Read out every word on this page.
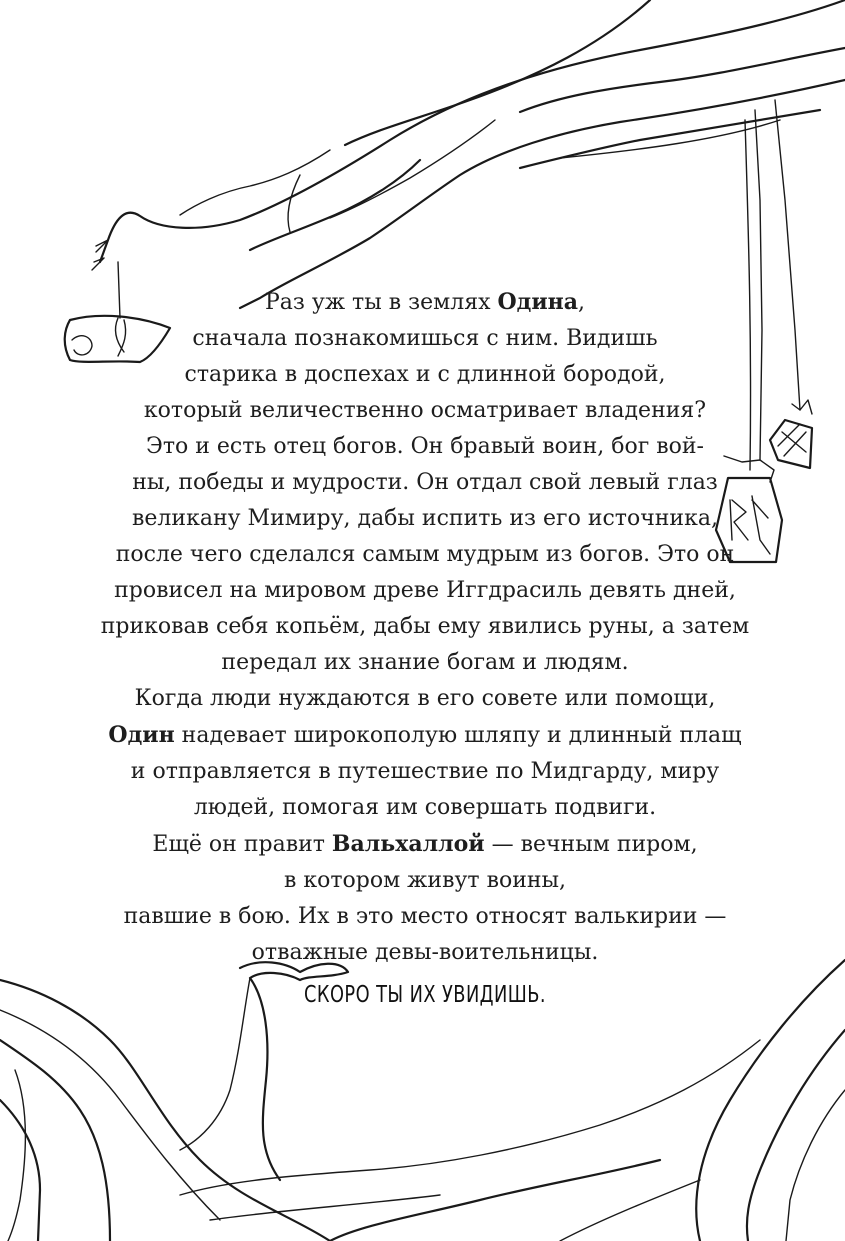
Раз уж ты в землях Одина,
сначала познакомишься с ним. Видишь
старика в доспехах и с длинной бородой,
который величественно осматривает владения?
Это и есть отец богов. Он бравый воин, бог вой-
ны, победы и мудрости. Он отдал свой левый глаз
великану Мимиру, дабы испить из его источника,
после чего сделался самым мудрым из богов. Это он
провисел на мировом древе Иггдрасиль девять дней,
приковав себя копьём, дабы ему явились руны, а затем
передал их знание богам и людям.
Когда люди нуждаются в его совете или помощи,
Один надевает широкополую шляпу и длинный плащ
и отправляется в путешествие по Мидгарду, миру
людей, помогая им совершать подвиги.
Ещё он правит Вальхаллой — вечным пиром,
в котором живут воины,
павшие в бою. Их в это место относят валькирии —
отважные девы-воительницы.
СКОРО ТЫ ИХ УВИДИШЬ.
